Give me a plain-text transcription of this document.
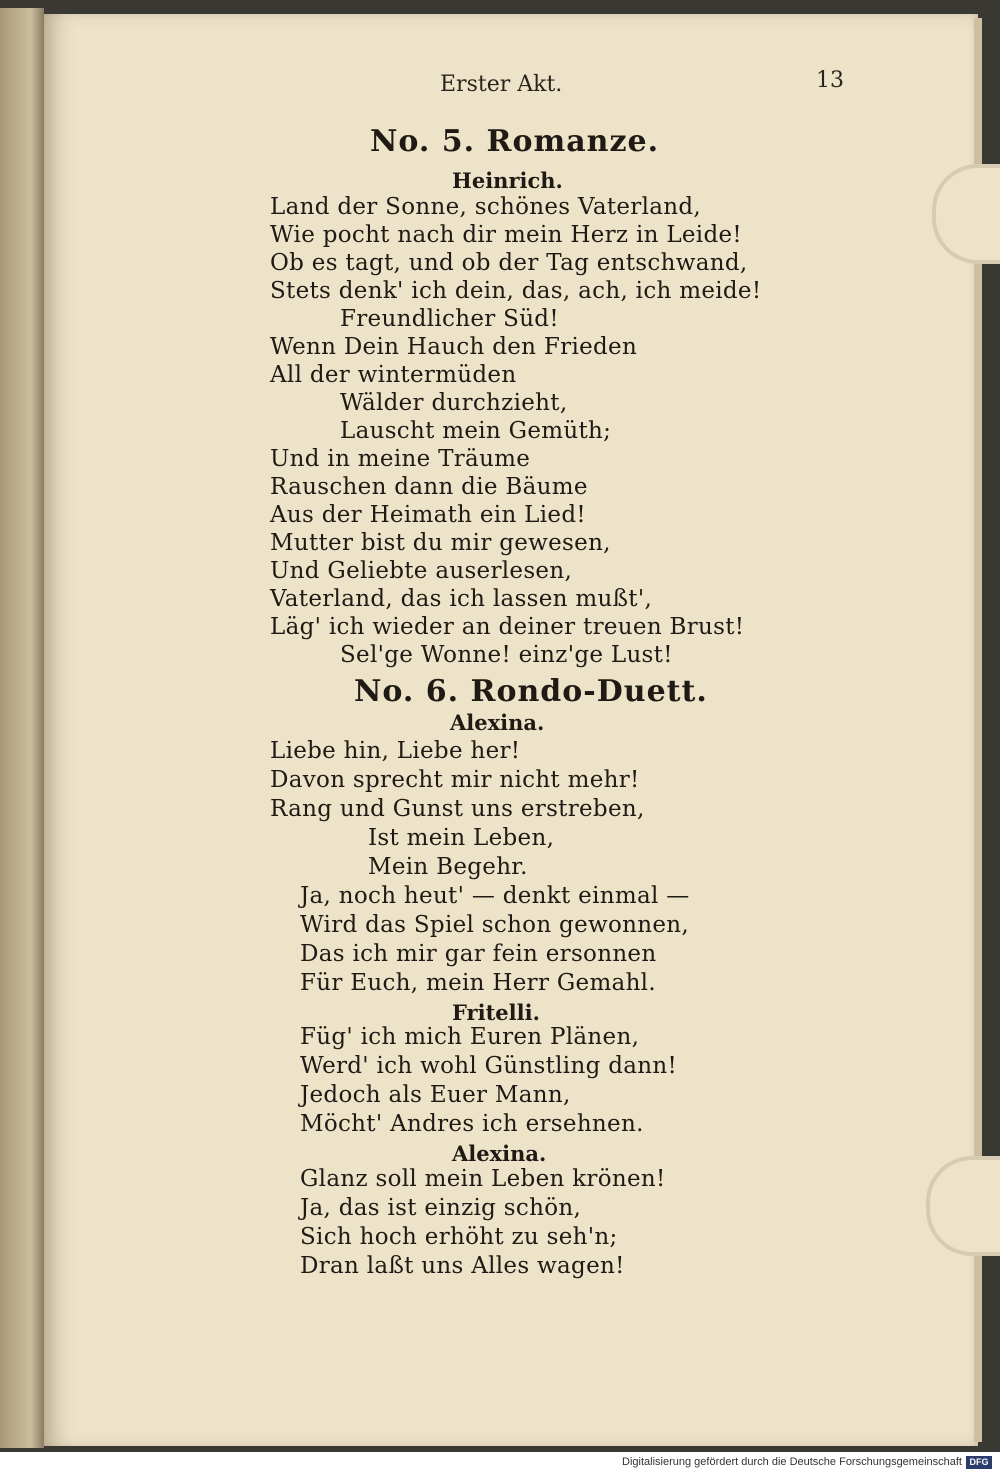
Erster Akt.	13
No. 5. Romanze.
Heinrich.
Land der Sonne, schönes Vaterland,
Wie pocht nach dir mein Herz in Leide!
Ob es tagt, und ob der Tag entschwand,
Stets denk' ich dein, das, ach, ich meide!
Freundlicher Süd!
Wenn Dein Hauch den Frieden
All der wintermüden
Wälder durchzieht,
Lauscht mein Gemüth;
Und in meine Träume
Rauschen dann die Bäume
Aus der Heimath ein Lied!
Mutter bist du mir gewesen,
Und Geliebte auserlesen,
Vaterland, das ich lassen mußt',
Läg' ich wieder an deiner treuen Brust!
Sel'ge Wonne! einz'ge Lust!
No. 6. Rondo-Duett.
Alexina.
Liebe hin, Liebe her!
Davon sprecht mir nicht mehr!
Rang und Gunst uns erstreben,
Ist mein Leben,
Mein Begehr.
Ja, noch heut' — denkt einmal —
Wird das Spiel schon gewonnen,
Das ich mir gar fein ersonnen
Für Euch, mein Herr Gemahl.
Fritelli.
Füg' ich mich Euren Plänen,
Werd' ich wohl Günstling dann!
Jedoch als Euer Mann,
Möcht' Andres ich ersehnen.
Alexina.
Glanz soll mein Leben krönen!
Ja, das ist einzig schön,
Sich hoch erhöht zu seh'n;
Dran laßt uns Alles wagen!
Digitalisierung gefördert durch die Deutsche Forschungsgemeinschaft DFG
